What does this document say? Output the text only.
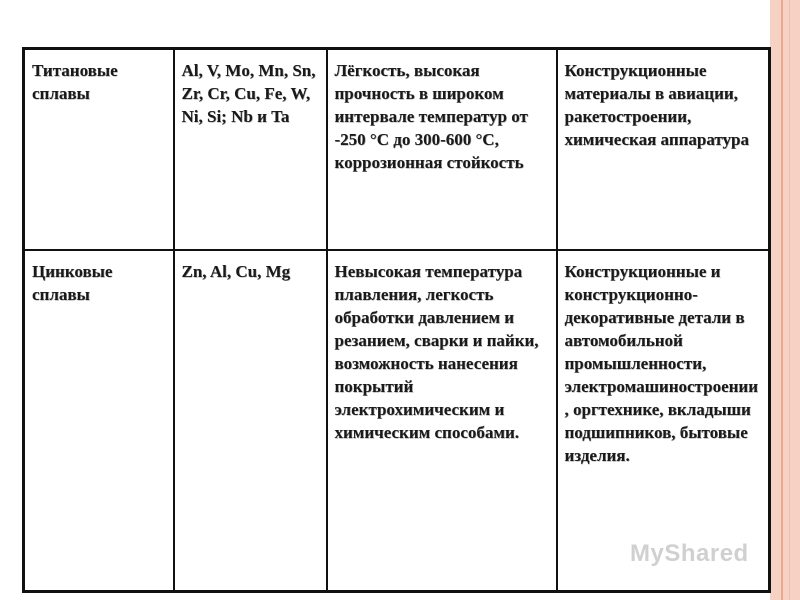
Титановые сплавы	Al, V, Mo, Mn, Sn, Zr, Cr, Cu, Fe, W, Ni, Si; Nb и Ta	Лёгкость, высокая прочность в широком интервале температур от -250 °С до 300-600 °С, коррозионная стойкость	Конструкционные материалы в авиации, ракетостроении, химическая аппаратура
Цинковые сплавы	Zn, Al, Cu, Mg	Невысокая температура плавления, легкость обработки давлением и резанием, сварки и пайки, возможность нанесения покрытий электрохимическим и химическим способами.	Конструкционные и конструкционно-декоративные детали в автомобильной промышленности, электромашиностроении, оргтехнике, вкладыши подшипников, бытовые изделия.
MyShared
